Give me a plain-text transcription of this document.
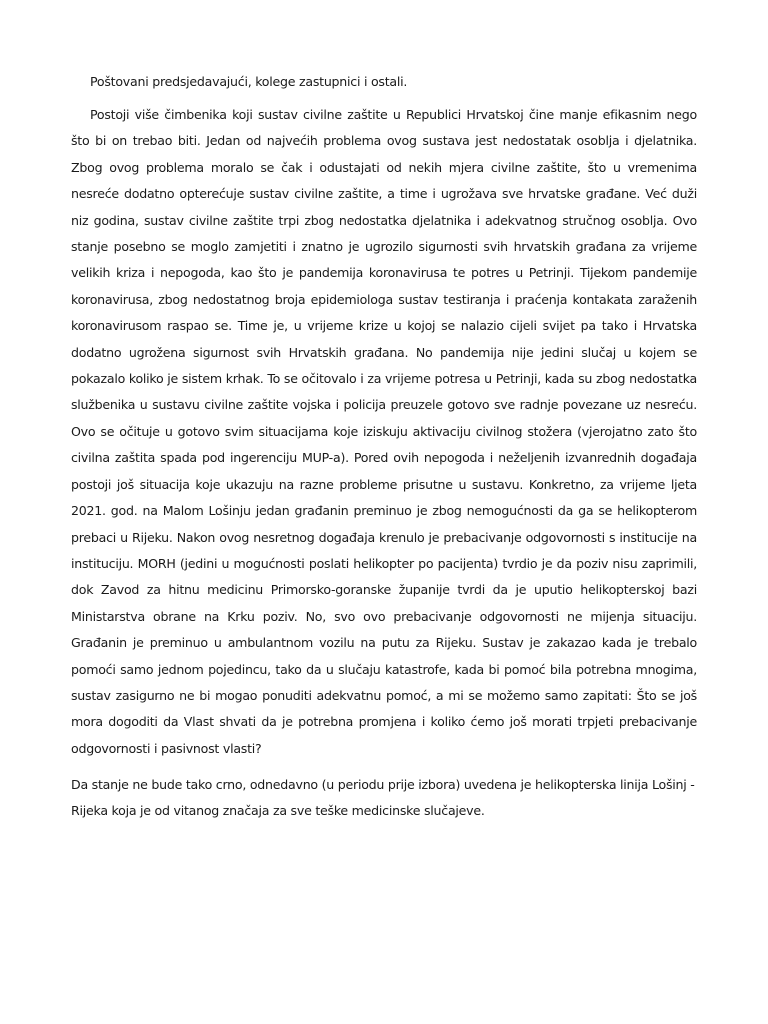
Poštovani predsjedavajući, kolege zastupnici i ostali.

Postoji više čimbenika koji sustav civilne zaštite u Republici Hrvatskoj čine manje efikasnim nego što bi on trebao biti. Jedan od najvećih problema ovog sustava jest nedostatak osoblja i djelatnika. Zbog ovog problema moralo se čak i odustajati od nekih mjera civilne zaštite, što u vremenima nesreće dodatno opterećuje sustav civilne zaštite, a time i ugrožava sve hrvatske građane. Već duži niz godina, sustav civilne zaštite trpi zbog nedostatka djelatnika i adekvatnog stručnog osoblja. Ovo stanje posebno se moglo zamjetiti i znatno je ugrozilo sigurnosti svih hrvatskih građana za vrijeme velikih kriza i nepogoda, kao što je pandemija koronavirusa te potres u Petrinji. Tijekom pandemije koronavirusa, zbog nedostatnog broja epidemiologa sustav testiranja i praćenja kontakata zaraženih koronavirusom raspao se. Time je, u vrijeme krize u kojoj se nalazio cijeli svijet pa tako i Hrvatska dodatno ugrožena sigurnost svih Hrvatskih građana. No pandemija nije jedini slučaj u kojem se pokazalo koliko je sistem krhak. To se očitovalo i za vrijeme potresa u Petrinji, kada su zbog nedostatka službenika u sustavu civilne zaštite vojska i policija preuzele gotovo sve radnje povezane uz nesreću. Ovo se očituje u gotovo svim situacijama koje iziskuju aktivaciju civilnog stožera (vjerojatno zato što civilna zaštita spada pod ingerenciju MUP-a). Pored ovih nepogoda i neželjenih izvanrednih događaja postoji još situacija koje ukazuju na razne probleme prisutne u sustavu. Konkretno, za vrijeme ljeta 2021. god. na Malom Lošinju jedan građanin preminuo je zbog nemogućnosti da ga se helikopterom prebaci u Rijeku. Nakon ovog nesretnog događaja krenulo je prebacivanje odgovornosti s institucije na instituciju. MORH (jedini u mogućnosti poslati helikopter po pacijenta) tvrdio je da poziv nisu zaprimili, dok Zavod za hitnu medicinu Primorsko-goranske županije tvrdi da je uputio helikopterskoj bazi Ministarstva obrane na Krku poziv. No, svo ovo prebacivanje odgovornosti ne mijenja situaciju. Građanin je preminuo u ambulantnom vozilu na putu za Rijeku. Sustav je zakazao kada je trebalo pomoći samo jednom pojedincu, tako da u slučaju katastrofe, kada bi pomoć bila potrebna mnogima, sustav zasigurno ne bi mogao ponuditi adekvatnu pomoć, a mi se možemo samo zapitati: Što se još mora dogoditi da Vlast shvati da je potrebna promjena i koliko ćemo još morati trpjeti prebacivanje odgovornosti i pasivnost vlasti?

Da stanje ne bude tako crno, odnedavno (u periodu prije izbora) uvedena je helikopterska linija Lošinj - Rijeka koja je od vitanog značaja za sve teške medicinske slučajeve.
